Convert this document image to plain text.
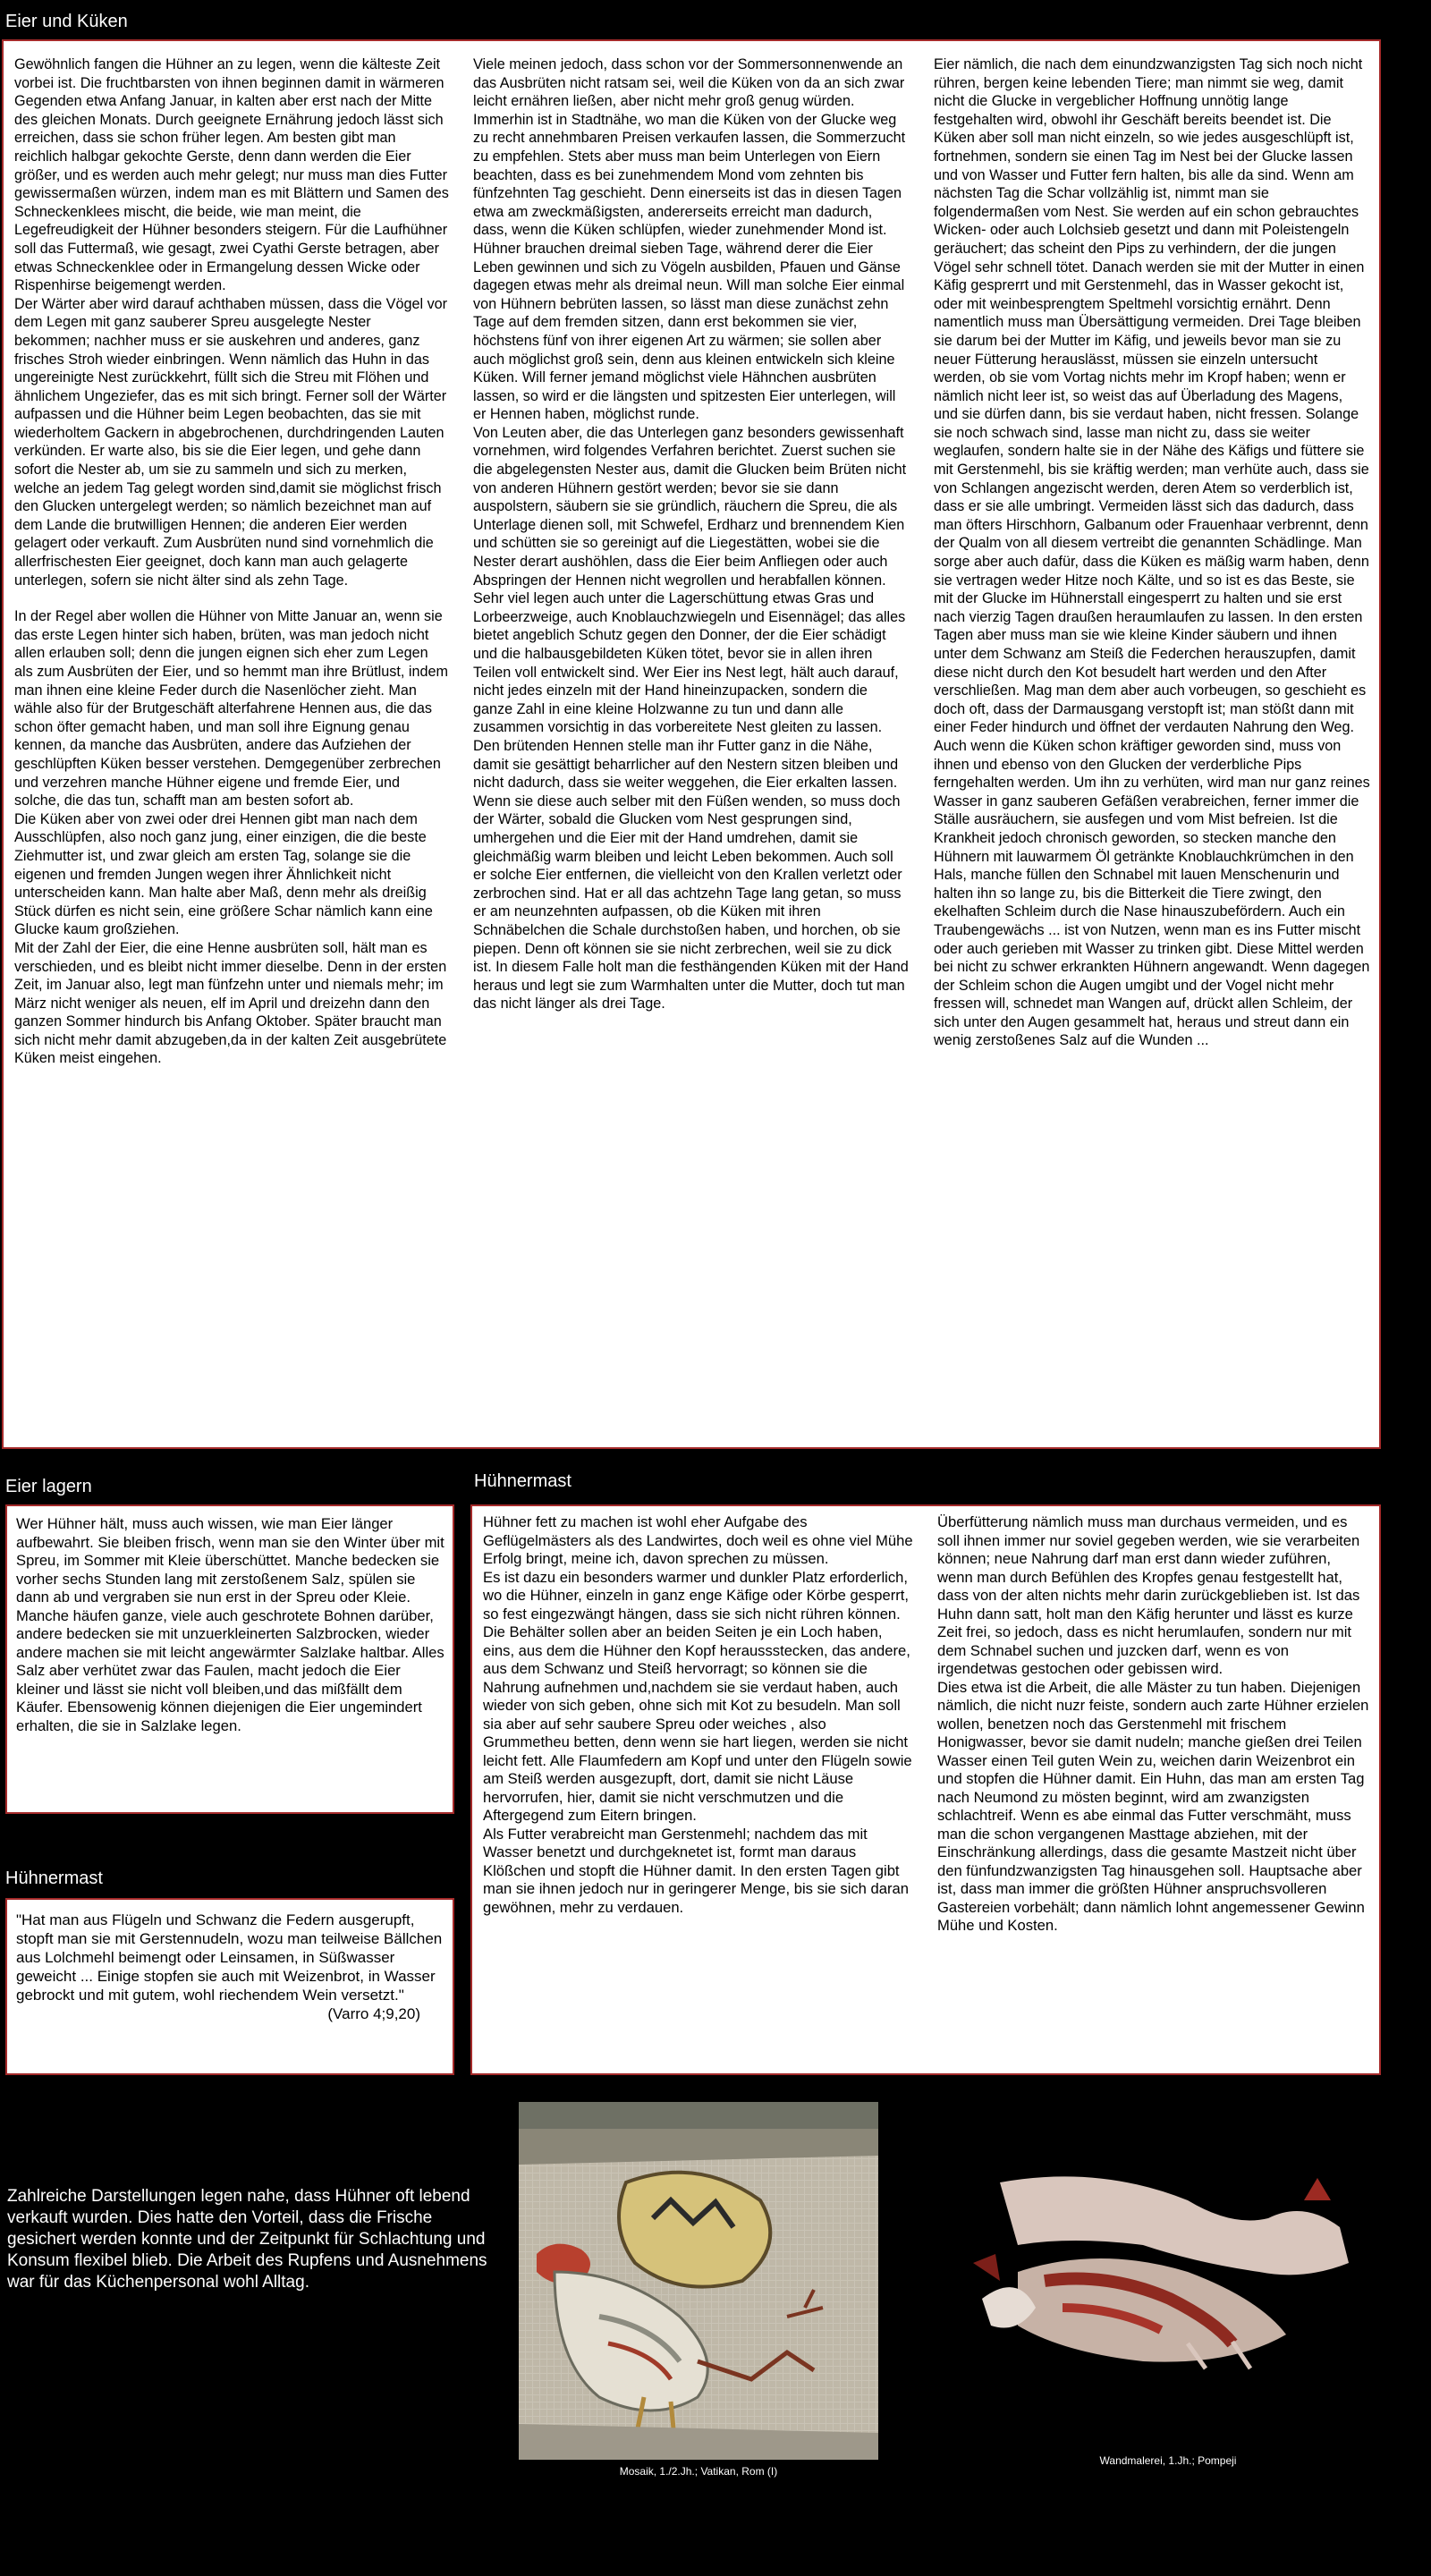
Eier und Küken

Gewöhnlich fangen die Hühner an zu legen, wenn die kälteste Zeit vorbei ist. Die fruchtbarsten von ihnen beginnen damit in wärmeren Gegenden etwa Anfang Januar, in kalten aber erst nach der Mitte des gleichen Monats. Durch geeignete Ernährung jedoch lässt sich erreichen, dass sie schon früher legen. Am besten gibt man reichlich halbgar gekochte Gerste, denn dann werden die Eier größer, und es werden auch mehr gelegt; nur muss man dies Futter gewissermaßen würzen, indem man es mit Blättern und Samen des Schneckenklees mischt, die beide, wie man meint, die Legefreudigkeit der Hühner besonders steigern. Für die Laufhühner soll das Futtermaß, wie gesagt, zwei Cyathi Gerste betragen, aber etwas Schneckenklee oder in Ermangelung dessen Wicke oder Rispenhirse beigemengt werden.

Der Wärter aber wird darauf achthaben müssen, dass die Vögel vor dem Legen mit ganz sauberer Spreu ausgelegte Nester bekommen; nachher muss er sie auskehren und anderes, ganz frisches Stroh wieder einbringen. Wenn nämlich das Huhn in das ungereinigte Nest zurückkehrt, füllt sich die Streu mit Flöhen und ähnlichem Ungeziefer, das es mit sich bringt. Ferner soll der Wärter aufpassen und die Hühner beim Legen beobachten, das sie mit wiederholtem Gackern in abgebrochenen, durchdringenden Lauten verkünden. Er warte also, bis sie die Eier legen, und gehe dann sofort die Nester ab, um sie zu sammeln und sich zu merken, welche an jedem Tag gelegt worden sind,damit sie möglichst frisch den Glucken untergelegt werden; so nämlich bezeichnet man auf dem Lande die brutwilligen Hennen; die anderen Eier werden gelagert oder verkauft. Zum Ausbrüten nund sind vornehmlich die allerfrischesten Eier geeignet, doch kann man auch gelagerte unterlegen, sofern sie nicht älter sind als zehn Tage.

In der Regel aber wollen die Hühner von Mitte Januar an, wenn sie das erste Legen hinter sich haben, brüten, was man jedoch nicht allen erlauben soll; denn die jungen eignen sich eher zum Legen als zum Ausbrüten der Eier, und so hemmt man ihre Brütlust, indem man ihnen eine kleine Feder durch die Nasenlöcher zieht. Man wähle also für der Brutgeschäft alterfahrene Hennen aus, die das schon öfter gemacht haben, und man soll ihre Eignung genau kennen, da manche das Ausbrüten, andere das Aufziehen der geschlüpften Küken besser verstehen. Demgegenüber zerbrechen und verzehren manche Hühner eigene und fremde Eier, und solche, die das tun, schafft man am besten sofort ab.

Die Küken aber von zwei oder drei Hennen gibt man nach dem Ausschlüpfen, also noch ganz jung, einer einzigen, die die beste Ziehmutter ist, und zwar gleich am ersten Tag, solange sie die eigenen und fremden Jungen wegen ihrer Ähnlichkeit nicht unterscheiden kann. Man halte aber Maß, denn mehr als dreißig Stück dürfen es nicht sein, eine größere Schar nämlich kann eine Glucke kaum großziehen.

Mit der Zahl der Eier, die eine Henne ausbrüten soll, hält man es verschieden, und es bleibt nicht immer dieselbe. Denn in der ersten Zeit, im Januar also, legt man fünfzehn unter und niemals mehr; im März nicht weniger als neuen, elf im April und dreizehn dann den ganzen Sommer hindurch bis Anfang Oktober. Später braucht man sich nicht mehr damit abzugeben,da in der kalten Zeit ausgebrütete Küken meist eingehen.

Viele meinen jedoch, dass schon vor der Sommersonnenwende an das Ausbrüten nicht ratsam sei, weil die Küken von da an sich zwar leicht ernähren ließen, aber nicht mehr groß genug würden. Immerhin ist in Stadtnähe, wo man die Küken von der Glucke weg zu recht annehmbaren Preisen verkaufen lassen, die Sommerzucht zu empfehlen. Stets aber muss man beim Unterlegen von Eiern beachten, dass es bei zunehmendem Mond vom zehnten bis fünfzehnten Tag geschieht. Denn einerseits ist das in diesen Tagen etwa am zweckmäßigsten, andererseits erreicht man dadurch, dass, wenn die Küken schlüpfen, wieder zunehmender Mond ist.

Hühner brauchen dreimal sieben Tage, während derer die Eier Leben gewinnen und sich zu Vögeln ausbilden, Pfauen und Gänse dagegen etwas mehr als dreimal neun. Will man solche Eier einmal von Hühnern bebrüten lassen, so lässt man diese zunächst zehn Tage auf dem fremden sitzen, dann erst bekommen sie vier, höchstens fünf von ihrer eigenen Art zu wärmen; sie sollen aber auch möglichst groß sein, denn aus kleinen entwickeln sich kleine Küken. Will ferner jemand möglichst viele Hähnchen ausbrüten lassen, so wird er die längsten und spitzesten Eier unterlegen, will er Hennen haben, möglichst runde.

Von Leuten aber, die das Unterlegen ganz besonders gewissenhaft vornehmen, wird folgendes Verfahren berichtet. Zuerst suchen sie die abgelegensten Nester aus, damit die Glucken beim Brüten nicht von anderen Hühnern gestört werden; bevor sie sie dann auspolstern, säubern sie sie gründlich, räuchern die Spreu, die als Unterlage dienen soll, mit Schwefel, Erdharz und brennendem Kien und schütten sie so gereinigt auf die Liegestätten, wobei sie die Nester derart aushöhlen, dass die Eier beim Anfliegen oder auch Abspringen der Hennen nicht wegrollen und herabfallen können. Sehr viel legen auch unter die Lagerschüttung etwas Gras und Lorbeerzweige, auch Knoblauchzwiegeln und Eisennägel; das alles bietet angeblich Schutz gegen den Donner, der die Eier schädigt und die halbausgebildeten Küken tötet, bevor sie in allen ihren Teilen voll entwickelt sind. Wer Eier ins Nest legt, hält auch darauf, nicht jedes einzeln mit der Hand hineinzupacken, sondern die ganze Zahl in eine kleine Holzwanne zu tun und dann alle zusammen vorsichtig in das vorbereitete Nest gleiten zu lassen.

Den brütenden Hennen stelle man ihr Futter ganz in die Nähe, damit sie gesättigt beharrlicher auf den Nestern sitzen bleiben und nicht dadurch, dass sie weiter weggehen, die Eier erkalten lassen. Wenn sie diese auch selber mit den Füßen wenden, so muss doch der Wärter, sobald die Glucken vom Nest gesprungen sind, umhergehen und die Eier mit der Hand umdrehen, damit sie gleichmäßig warm bleiben und leicht Leben bekommen. Auch soll er solche Eier entfernen, die vielleicht von den Krallen verletzt oder zerbrochen sind. Hat er all das achtzehn Tage lang getan, so muss er am neunzehnten aufpassen, ob die Küken mit ihren Schnäbelchen die Schale durchstoßen haben, und horchen, ob sie piepen. Denn oft können sie sie nicht zerbrechen, weil sie zu dick ist. In diesem Falle holt man die festhängenden Küken mit der Hand heraus und legt sie zum Warmhalten unter die Mutter, doch tut man das nicht länger als drei Tage.

Eier nämlich, die nach dem einundzwanzigsten Tag sich noch nicht rühren, bergen keine lebenden Tiere; man nimmt sie weg, damit nicht die Glucke in vergeblicher Hoffnung unnötig lange festgehalten wird, obwohl ihr Geschäft bereits beendet ist. Die Küken aber soll man nicht einzeln, so wie jedes ausgeschlüpft ist, fortnehmen, sondern sie einen Tag im Nest bei der Glucke lassen und von Wasser und Futter fern halten, bis alle da sind. Wenn am nächsten Tag die Schar vollzählig ist, nimmt man sie folgendermaßen vom Nest. Sie werden auf ein schon gebrauchtes Wicken- oder auch Lolchsieb gesetzt und dann mit Poleistengeln geräuchert; das scheint den Pips zu verhindern, der die jungen Vögel sehr schnell tötet. Danach werden sie mit der Mutter in einen Käfig gesprerrt und mit Gerstenmehl, das in Wasser gekocht ist, oder mit weinbesprengtem Speltmehl vorsichtig ernährt. Denn namentlich muss man Übersättigung vermeiden. Drei Tage bleiben sie darum bei der Mutter im Käfig, und jeweils bevor man sie zu neuer Fütterung herauslässt, müssen sie einzeln untersucht werden, ob sie vom Vortag nichts mehr im Kropf haben; wenn er nämlich nicht leer ist, so weist das auf Überladung des Magens, und sie dürfen dann, bis sie verdaut haben, nicht fressen. Solange sie noch schwach sind, lasse man nicht zu, dass sie weiter weglaufen, sondern halte sie in der Nähe des Käfigs und füttere sie mit Gerstenmehl, bis sie kräftig werden; man verhüte auch, dass sie von Schlangen angezischt werden, deren Atem so verderblich ist, dass er sie alle umbringt. Vermeiden lässt sich das dadurch, dass man öfters Hirschhorn, Galbanum oder Frauenhaar verbrennt, denn der Qualm von all diesem vertreibt die genannten Schädlinge. Man sorge aber auch dafür, dass die Küken es mäßig warm haben, denn sie vertragen weder Hitze noch Kälte, und so ist es das Beste, sie mit der Glucke im Hühnerstall eingesperrt zu halten und sie erst nach vierzig Tagen draußen heraumlaufen zu lassen. In den ersten Tagen aber muss man sie wie kleine Kinder säubern und ihnen unter dem Schwanz am Steiß die Federchen herauszupfen, damit diese nicht durch den Kot besudelt hart werden und den After verschließen. Mag man dem aber auch vorbeugen, so geschieht es doch oft, dass der Darmausgang verstopft ist; man stößt dann mit einer Feder hindurch und öffnet der verdauten Nahrung den Weg.

Auch wenn die Küken schon kräftiger geworden sind, muss von ihnen und ebenso von den Glucken der verderbliche Pips ferngehalten werden. Um ihn zu verhüten, wird man nur ganz reines Wasser in ganz sauberen Gefäßen verabreichen, ferner immer die Ställe ausräuchern, sie ausfegen und vom Mist befreien. Ist die Krankheit jedoch chronisch geworden, so stecken manche den Hühnern mit lauwarmem Öl getränkte Knoblauchkrümchen in den Hals, manche füllen den Schnabel mit lauen Menschenurin und halten ihn so lange zu, bis die Bitterkeit die Tiere zwingt, den ekelhaften Schleim durch die Nase hinauszubefördern. Auch ein Traubengewächs ... ist von Nutzen, wenn man es ins Futter mischt oder auch gerieben mit Wasser zu trinken gibt. Diese Mittel werden bei nicht zu schwer erkrankten Hühnern angewandt. Wenn dagegen der Schleim schon die Augen umgibt und der Vogel nicht mehr fressen will, schnedet man Wangen auf, drückt allen Schleim, der sich unter den Augen gesammelt hat, heraus und streut dann ein wenig zerstoßenes Salz auf die Wunden ...

Eier lagern

Wer Hühner hält, muss auch wissen, wie man Eier länger aufbewahrt. Sie bleiben frisch, wenn man sie den Winter über mit Spreu, im Sommer mit Kleie überschüttet. Manche bedecken sie vorher sechs Stunden lang mit zerstoßenem Salz, spülen sie dann ab und vergraben sie nun erst in der Spreu oder Kleie. Manche häufen ganze, viele auch geschrotete Bohnen darüber, andere bedecken sie mit unzuerkleinerten Salzbrocken, wieder andere machen sie mit leicht angewärmter Salzlake haltbar. Alles Salz aber verhütet zwar das Faulen, macht jedoch die Eier kleiner und lässt sie nicht voll bleiben,und das mißfällt dem Käufer. Ebensowenig können diejenigen die Eier ungemindert erhalten, die sie in Salzlake legen.

Hühnermast

"Hat man aus Flügeln und Schwanz die Federn ausgerupft, stopft man sie mit Gerstennudeln, wozu man teilweise Bällchen aus Lolchmehl beimengt oder Leinsamen, in Süßwasser geweicht ... Einige stopfen sie auch mit Weizenbrot, in Wasser gebrockt und mit gutem, wohl riechendem Wein versetzt."

(Varro 4;9,20)

Hühnermast

Hühner fett zu machen ist wohl eher Aufgabe des Geflügelmästers als des Landwirtes, doch weil es ohne viel Mühe Erfolg bringt, meine ich, davon sprechen zu müssen.

Es ist dazu ein besonders warmer und dunkler Platz erforderlich, wo die Hühner, einzeln in ganz enge Käfige oder Körbe gesperrt, so fest eingezwängt hängen, dass sie sich nicht rühren können. Die Behälter sollen aber an beiden Seiten je ein Loch haben, eins, aus dem die Hühner den Kopf heraussstecken, das andere, aus dem Schwanz und Steiß hervorragt; so können sie die Nahrung aufnehmen und,nachdem sie sie verdaut haben, auch wieder von sich geben, ohne sich mit Kot zu besudeln. Man soll sia aber auf sehr saubere Spreu oder weiches , also Grummetheu betten, denn wenn sie hart liegen, werden sie nicht leicht fett. Alle Flaumfedern am Kopf und unter den Flügeln sowie am Steiß werden ausgezupft, dort, damit sie nicht Läuse hervorrufen, hier, damit sie nicht verschmutzen und die Aftergegend zum Eitern bringen.

Als Futter verabreicht man Gerstenmehl; nachdem das mit Wasser benetzt und durchgeknetet ist, formt man daraus Klößchen und stopft die Hühner damit. In den ersten Tagen gibt man sie ihnen jedoch nur in geringerer Menge, bis sie sich daran gewöhnen, mehr zu verdauen.

Überfütterung nämlich muss man durchaus vermeiden, und es soll ihnen immer nur soviel gegeben werden, wie sie verarbeiten können; neue Nahrung darf man erst dann wieder zuführen, wenn man durch Befühlen des Kropfes genau festgestellt hat, dass von der alten nichts mehr darin zurückgeblieben ist. Ist das Huhn dann satt, holt man den Käfig herunter und lässt es kurze Zeit frei, so jedoch, dass es nicht herumlaufen, sondern nur mit dem Schnabel suchen und juzcken darf, wenn es von irgendetwas gestochen oder gebissen wird.

Dies etwa ist die Arbeit, die alle Mäster zu tun haben. Diejenigen nämlich, die nicht nuzr feiste, sondern auch zarte Hühner erzielen wollen, benetzen noch das Gerstenmehl mit frischem Honigwasser, bevor sie damit nudeln; manche gießen drei Teilen Wasser einen Teil guten Wein zu, weichen darin Weizenbrot ein und stopfen die Hühner damit. Ein Huhn, das man am ersten Tag nach Neumond zu mösten beginnt, wird am zwanzigsten schlachtreif. Wenn es abe einmal das Futter verschmäht, muss man die schon vergangenen Masttage abziehen, mit der Einschränkung allerdings, dass die gesamte Mastzeit nicht über den fünfundzwanzigsten Tag hinausgehen soll. Hauptsache aber ist, dass man immer die größten Hühner anspruchsvolleren Gastereien vorbehält; dann nämlich lohnt angemessener Gewinn Mühe und Kosten.

Zahlreiche Darstellungen legen nahe, dass Hühner oft lebend verkauft wurden. Dies hatte den Vorteil, dass die Frische gesichert werden konnte und der Zeitpunkt für Schlachtung und Konsum flexibel blieb. Die Arbeit des Rupfens und Ausnehmens war für das Küchenpersonal wohl Alltag.
Mosaik, 1./2.Jh.; Vatikan, Rom (I)
Wandmalerei, 1.Jh.; Pompeji
